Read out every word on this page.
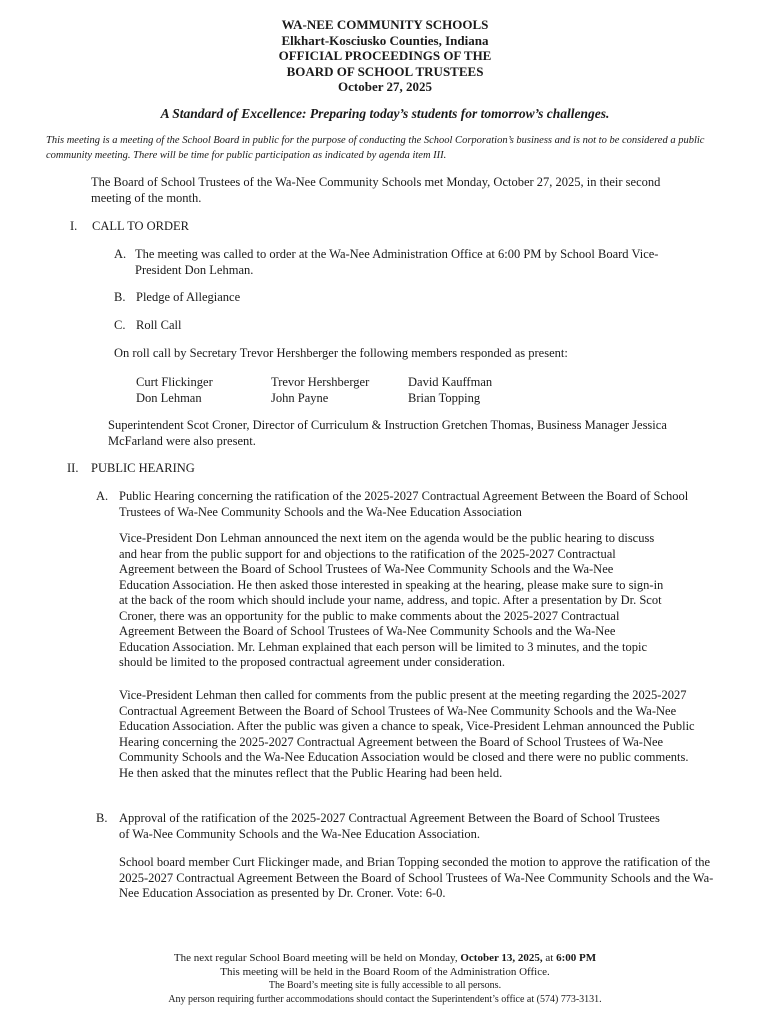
WA-NEE COMMUNITY SCHOOLS
Elkhart-Kosciusko Counties, Indiana
OFFICIAL PROCEEDINGS OF THE
BOARD OF SCHOOL TRUSTEES
October 27, 2025
A Standard of Excellence: Preparing today’s students for tomorrow’s challenges.
This meeting is a meeting of the School Board in public for the purpose of conducting the School Corporation’s business and is not to be considered a public community meeting. There will be time for public participation as indicated by agenda item III.
The Board of School Trustees of the Wa-Nee Community Schools met Monday, October 27, 2025, in their second meeting of the month.
I. CALL TO ORDER
A. The meeting was called to order at the Wa-Nee Administration Office at 6:00 PM by School Board Vice-President Don Lehman.
B. Pledge of Allegiance
C. Roll Call
On roll call by Secretary Trevor Hershberger the following members responded as present:
Curt Flickinger
Don Lehman
Trevor Hershberger
John Payne
David Kauffman
Brian Topping
Superintendent Scot Croner, Director of Curriculum & Instruction Gretchen Thomas, Business Manager Jessica McFarland were also present.
II. PUBLIC HEARING
A. Public Hearing concerning the ratification of the 2025-2027 Contractual Agreement Between the Board of School Trustees of Wa-Nee Community Schools and the Wa-Nee Education Association
Vice-President Don Lehman announced the next item on the agenda would be the public hearing to discuss and hear from the public support for and objections to the ratification of the 2025-2027 Contractual Agreement between the Board of School Trustees of Wa-Nee Community Schools and the Wa-Nee Education Association. He then asked those interested in speaking at the hearing, please make sure to sign-in at the back of the room which should include your name, address, and topic. After a presentation by Dr. Scot Croner, there was an opportunity for the public to make comments about the 2025-2027 Contractual Agreement Between the Board of School Trustees of Wa-Nee Community Schools and the Wa-Nee Education Association. Mr. Lehman explained that each person will be limited to 3 minutes, and the topic should be limited to the proposed contractual agreement under consideration.
Vice-President Lehman then called for comments from the public present at the meeting regarding the 2025-2027 Contractual Agreement Between the Board of School Trustees of Wa-Nee Community Schools and the Wa-Nee Education Association. After the public was given a chance to speak, Vice-President Lehman announced the Public Hearing concerning the 2025-2027 Contractual Agreement between the Board of School Trustees of Wa-Nee Community Schools and the Wa-Nee Education Association would be closed and there were no public comments. He then asked that the minutes reflect that the Public Hearing had been held.
B. Approval of the ratification of the 2025-2027 Contractual Agreement Between the Board of School Trustees of Wa-Nee Community Schools and the Wa-Nee Education Association.
School board member Curt Flickinger made, and Brian Topping seconded the motion to approve the ratification of the 2025-2027 Contractual Agreement Between the Board of School Trustees of Wa-Nee Community Schools and the Wa-Nee Education Association as presented by Dr. Croner. Vote: 6-0.
The next regular School Board meeting will be held on Monday, October 13, 2025, at 6:00 PM
This meeting will be held in the Board Room of the Administration Office.
The Board’s meeting site is fully accessible to all persons.
Any person requiring further accommodations should contact the Superintendent’s office at (574) 773-3131.
